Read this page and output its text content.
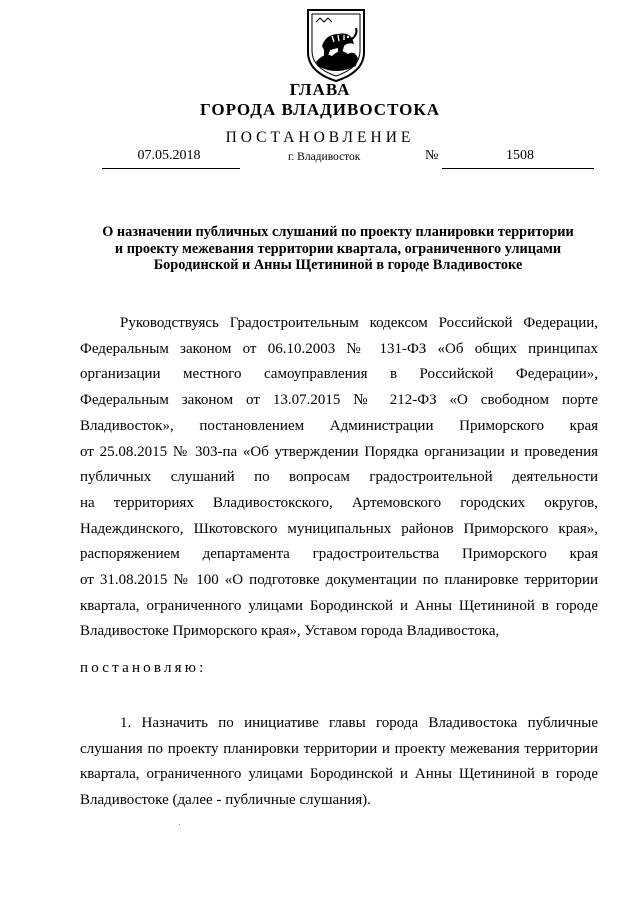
ГЛАВА
ГОРОДА ВЛАДИВОСТОКА
ПОСТАНОВЛЕНИЕ
07.05.2018	г. Владивосток	№	1508
О назначении публичных слушаний по проекту планировки территории
и проекту межевания территории квартала, ограниченного улицами
Бородинской и Анны Щетининой в городе Владивостоке
Руководствуясь Градостроительным кодексом Российской Федерации,
Федеральным законом от 06.10.2003 № 131-ФЗ «Об общих принципах
организации местного самоуправления в Российской Федерации»,
Федеральным законом от 13.07.2015 № 212-ФЗ «О свободном порте
Владивосток», постановлением Администрации Приморского края
от 25.08.2015 № 303-па «Об утверждении Порядка организации и проведения
публичных слушаний по вопросам градостроительной деятельности
на территориях Владивостокского, Артемовского городских округов,
Надеждинского, Шкотовского муниципальных районов Приморского края»,
распоряжением департамента градостроительства Приморского края
от 31.08.2015 № 100 «О подготовке документации по планировке территории
квартала, ограниченного улицами Бородинской и Анны Щетининой в городе
Владивостоке Приморского края», Уставом города Владивостока,
постановляю:
1. Назначить по инициативе главы города Владивостока публичные
слушания по проекту планировки территории и проекту межевания территории
квартала, ограниченного улицами Бородинской и Анны Щетининой в городе
Владивостоке (далее - публичные слушания).
